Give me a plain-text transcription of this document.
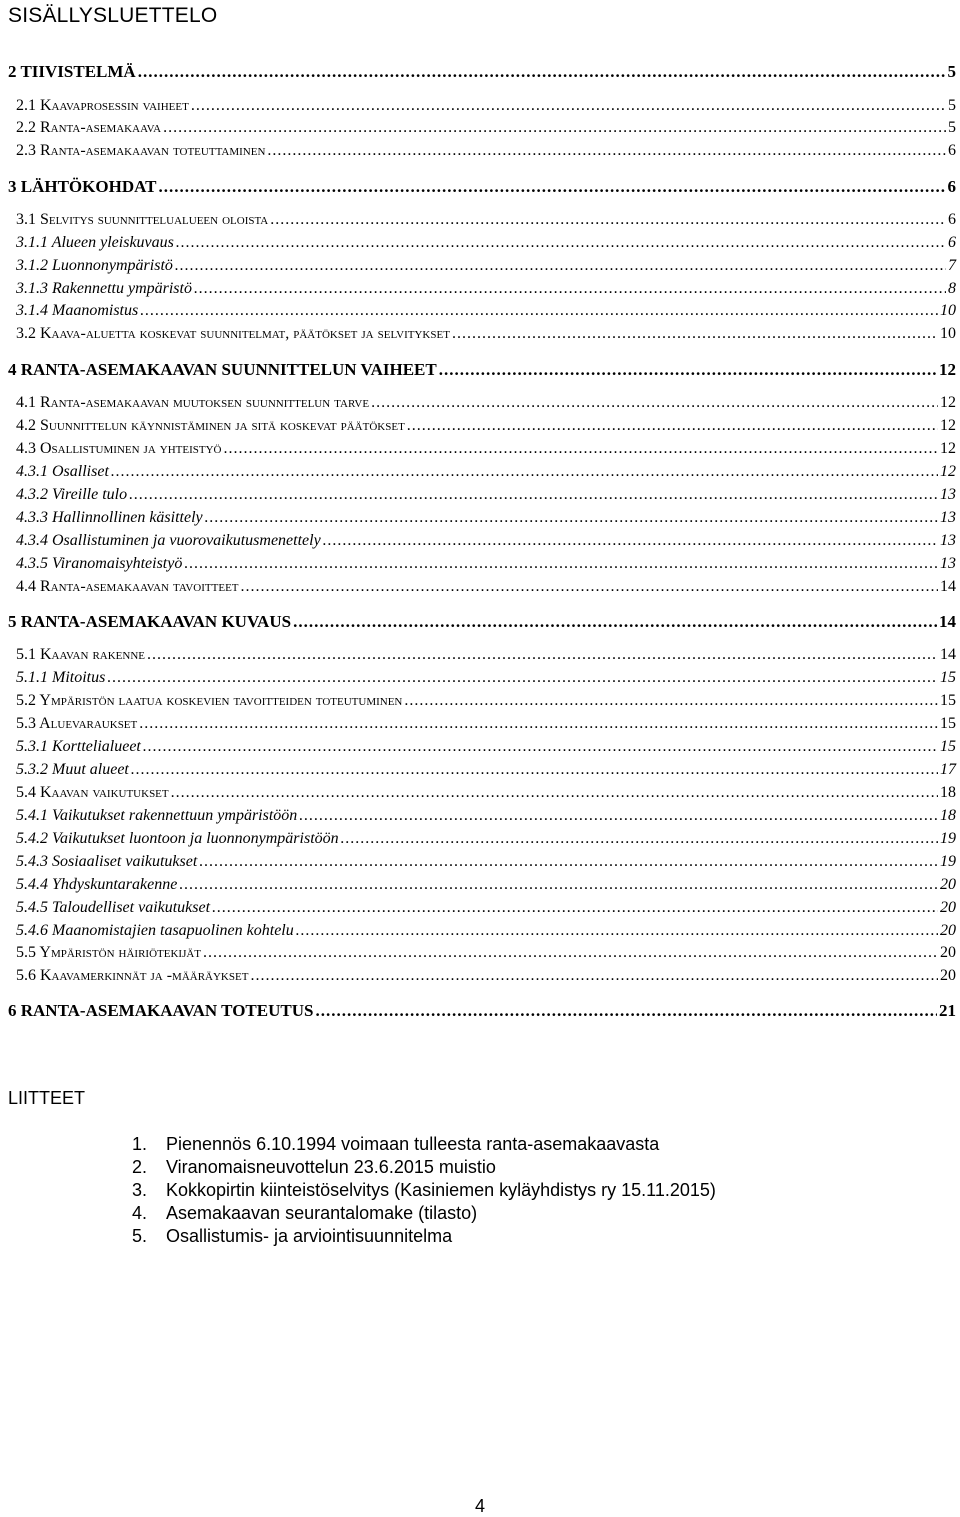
SISÄLLYSLUETTELO
2 TIIVISTELMÄ .....	5
2.1 Kaavaprosessin vaiheet .....	5
2.2 Ranta-asemakaava .....	5
2.3 Ranta-asemakaavan toteuttaminen .....	6
3 LÄHTÖKOHDAT .....	6
3.1 Selvitys suunnittelualueen oloista .....	6
3.1.1 Alueen yleiskuvaus .....	6
3.1.2 Luonnonympäristö .....	7
3.1.3 Rakennettu ympäristö .....	8
3.1.4 Maanomistus .....	10
3.2 Kaava-aluetta koskevat suunnitelmat, päätökset ja selvitykset .....	10
4 RANTA-ASEMAKAAVAN SUUNNITTELUN VAIHEET .....	12
4.1 Ranta-asemakaavan muutoksen suunnittelun tarve .....	12
4.2 Suunnittelun käynnistäminen ja sitä koskevat päätökset .....	12
4.3 Osallistuminen ja yhteistyö .....	12
4.3.1 Osalliset .....	12
4.3.2 Vireille tulo .....	13
4.3.3 Hallinnollinen käsittely .....	13
4.3.4 Osallistuminen ja vuorovaikutusmenettely .....	13
4.3.5 Viranomaisyhteistyö .....	13
4.4 Ranta-asemakaavan tavoitteet .....	14
5 RANTA-ASEMAKAAVAN KUVAUS .....	14
5.1 Kaavan rakenne .....	14
5.1.1 Mitoitus .....	15
5.2 Ympäristön laatua koskevien tavoitteiden toteutuminen .....	15
5.3 Aluevaraukset .....	15
5.3.1 Korttelialueet .....	15
5.3.2 Muut alueet .....	17
5.4 Kaavan vaikutukset .....	18
5.4.1 Vaikutukset rakennettuun ympäristöön .....	18
5.4.2 Vaikutukset luontoon ja luonnonympäristöön .....	19
5.4.3 Sosiaaliset vaikutukset .....	19
5.4.4 Yhdyskuntarakenne .....	20
5.4.5 Taloudelliset vaikutukset .....	20
5.4.6 Maanomistajien tasapuolinen kohtelu .....	20
5.5 Ympäristön häiriötekijät .....	20
5.6 Kaavamerkinnät ja -määräykset .....	20
6 RANTA-ASEMAKAAVAN TOTEUTUS .....	21
LIITTEET
1. Pienennös 6.10.1994 voimaan tulleesta ranta-asemakaavasta
2. Viranomaisneuvottelun 23.6.2015 muistio
3. Kokkopirtin kiinteistöselvitys (Kasiniemen kyläyhdistys ry 15.11.2015)
4. Asemakaavan seurantalomake (tilasto)
5. Osallistumis- ja arviointisuunnitelma
4
